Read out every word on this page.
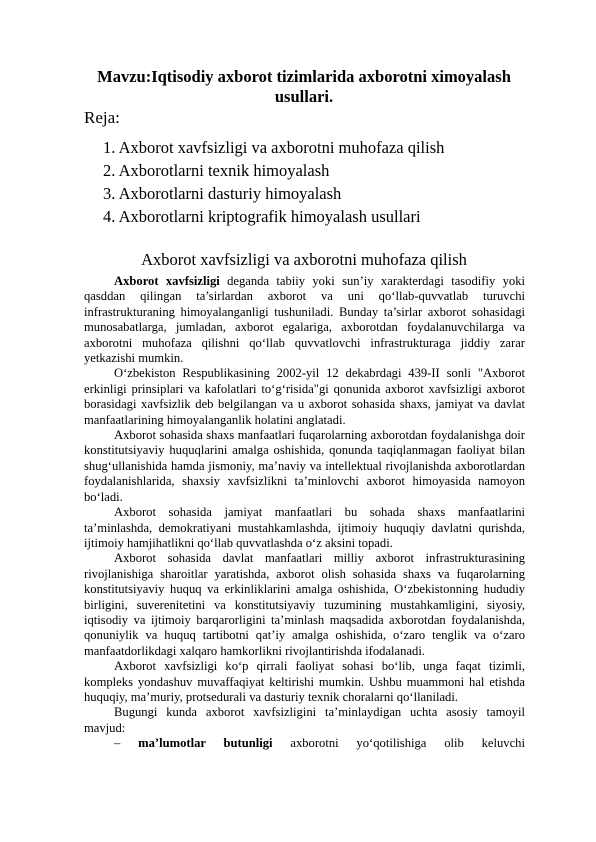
Mavzu:Iqtisodiy axborot tizimlarida axborotni ximoyalash usullari.
Reja:
1. Axborot xavfsizligi va axborotni muhofaza qilish
2. Axborotlarni texnik himoyalash
3. Axborotlarni dasturiy himoyalash
4. Axborotlarni kriptografik himoyalash usullari
Axborot xavfsizligi va axborotni muhofaza qilish

Axborot xavfsizligi deganda tabiiy yoki sun’iy xarakterdagi tasodifiy yoki qasddan qilingan ta’sirlardan axborot va uni qo‘llab-quvvatlab turuvchi infrastrukturaning himoyalanganligi tushuniladi. Bunday ta’sirlar axborot sohasidagi munosabatlarga, jumladan, axborot egalariga, axborotdan foydalanuvchilarga va axborotni muhofaza qilishni qo‘llab quvvatlovchi infrastrukturaga jiddiy zarar yetkazishi mumkin.

O‘zbekiston Respublikasining 2002-yil 12 dekabrdagi 439-II sonli "Axborot erkinligi prinsiplari va kafolatlari to‘g‘risida"gi qonunida axborot xavfsizligi axborot borasidagi xavfsizlik deb belgilangan va u axborot sohasida shaxs, jamiyat va davlat manfaatlarining himoyalanganlik holatini anglatadi.

Axborot sohasida shaxs manfaatlari fuqarolarning axborotdan foydalanishga doir konstitutsiyaviy huquqlarini amalga oshishida, qonunda taqiqlanmagan faoliyat bilan shug‘ullanishida hamda jismoniy, ma’naviy va intellektual rivojlanishda axborotlardan foydalanishlarida, shaxsiy xavfsizlikni ta’minlovchi axborot himoyasida namoyon bo‘ladi.

Axborot sohasida jamiyat manfaatlari bu sohada shaxs manfaatlarini ta’minlashda, demokratiyani mustahkamlashda, ijtimoiy huquqiy davlatni qurishda, ijtimoiy hamjihatlikni qo‘llab quvvatlashda o‘z aksini topadi.

Axborot sohasida davlat manfaatlari milliy axborot infrastrukturasining rivojlanishiga sharoitlar yaratishda, axborot olish sohasida shaxs va fuqarolarning konstitutsiyaviy huquq va erkinliklarini amalga oshishida, O‘zbekistonning hududiy birligini, suverenitetini va konstitutsiyaviy tuzumining mustahkamligini, siyosiy, iqtisodiy va ijtimoiy barqarorligini ta’minlash maqsadida axborotdan foydalanishda, qonuniylik va huquq tartibotni qat’iy amalga oshishida, o‘zaro tenglik va o‘zaro manfaatdorlikdagi xalqaro hamkorlikni rivojlantirishda ifodalanadi.

Axborot xavfsizligi ko‘p qirrali faoliyat sohasi bo‘lib, unga faqat tizimli, kompleks yondashuv muvaffaqiyat keltirishi mumkin. Ushbu muammoni hal etishda huquqiy, ma’muriy, protsedurali va dasturiy texnik choralarni qo‘llaniladi.

Bugungi kunda axborot xavfsizligini ta’minlaydigan uchta asosiy tamoyil mavjud:

– ma’lumotlar butunligi axborotni yo‘qotilishiga olib keluvchi
